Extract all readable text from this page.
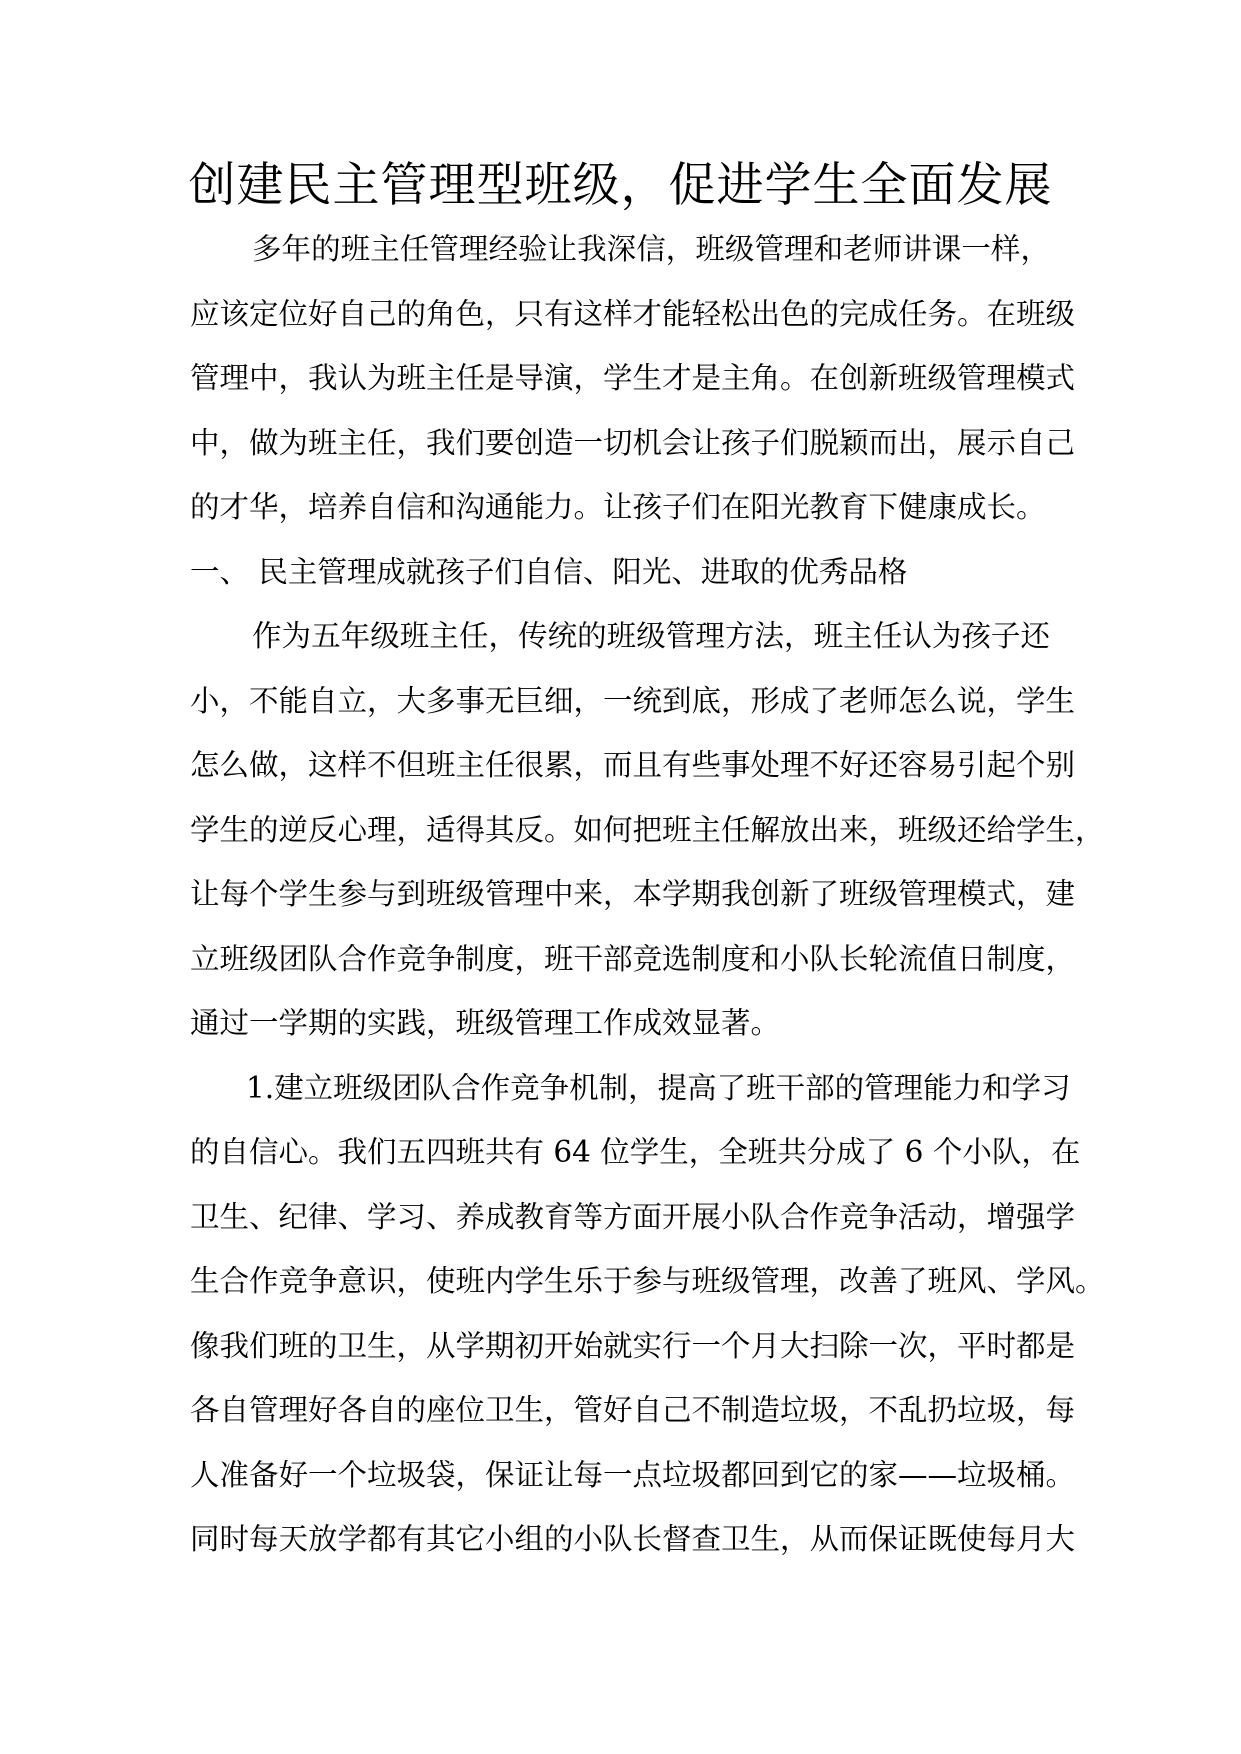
创建民主管理型班级，促进学生全面发展
多年的班主任管理经验让我深信，班级管理和老师讲课一样，
应该定位好自己的角色，只有这样才能轻松出色的完成任务。在班级
管理中，我认为班主任是导演，学生才是主角。在创新班级管理模式
中，做为班主任，我们要创造一切机会让孩子们脱颖而出，展示自己
的才华，培养自信和沟通能力。让孩子们在阳光教育下健康成长。
一、 民主管理成就孩子们自信、阳光、进取的优秀品格
作为五年级班主任，传统的班级管理方法，班主任认为孩子还
小，不能自立，大多事无巨细，一统到底，形成了老师怎么说，学生
怎么做，这样不但班主任很累，而且有些事处理不好还容易引起个别
学生的逆反心理，适得其反。如何把班主任解放出来，班级还给学生，
让每个学生参与到班级管理中来，本学期我创新了班级管理模式，建
立班级团队合作竞争制度，班干部竞选制度和小队长轮流值日制度，
通过一学期的实践，班级管理工作成效显著。
1.建立班级团队合作竞争机制，提高了班干部的管理能力和学习
的自信心。我们五四班共有 64 位学生，全班共分成了 6 个小队，在
卫生、纪律、学习、养成教育等方面开展小队合作竞争活动，增强学
生合作竞争意识，使班内学生乐于参与班级管理，改善了班风、学风。
像我们班的卫生，从学期初开始就实行一个月大扫除一次，平时都是
各自管理好各自的座位卫生，管好自己不制造垃圾，不乱扔垃圾，每
人准备好一个垃圾袋，保证让每一点垃圾都回到它的家——垃圾桶。
同时每天放学都有其它小组的小队长督查卫生，从而保证既使每月大
